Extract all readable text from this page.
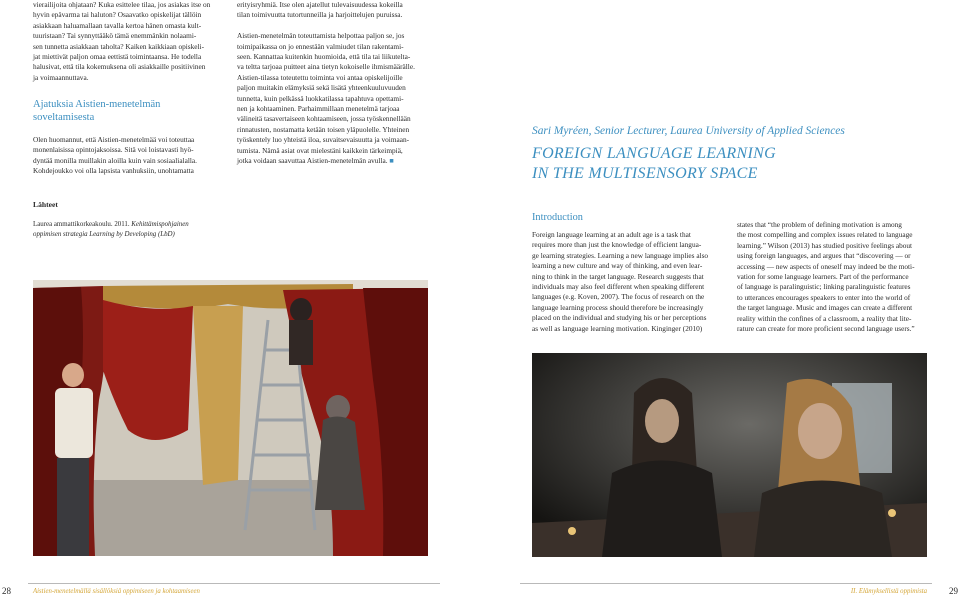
vierailijoita ohjataan? Kuka esittelee tilaa, jos asiakas itse on

hyvin epävarma tai haluton? Osaavatko opiskelijat tällöin

asiakkaan haluamallaan tavalla kertoa hänen omasta kult-

tuuristaan? Tai synnyttääkö tämä enemmänkin nolaami-

sen tunnetta asiakkaan taholta? Kaiken kaikkiaan opiskeli-

jat miettivät paljon omaa eettistä toimintaansa. He todella

halusivat, että tila kokemuksena oli asiakkaille positiivinen

ja voimaannuttava.

Ajatuksia Aistien-menetelmän
soveltamisesta

Olen huomannut, että Aistien-menetelmää voi toteuttaa

monenlaisissa opintojaksoissa. Sitä voi loistavasti hyö-

dyntää monilla muillakin aloilla kuin vain sosiaalialalla.

Kohdejoukko voi olla lapsista vanhuksiin, unohtamatta

erityisryhmiä. Itse olen ajatellut tulevaisuudessa kokeilla

tilan toimivuutta tutortunneilla ja harjoittelujen puruissa.

Aistien-menetelmän toteuttamista helpottaa paljon se, jos

toimipaikassa on jo ennestään valmiudet tilan rakentami-

seen. Kannattaa kuitenkin huomioida, että tila tai liikutelta-

va teltta tarjoaa puitteet aina tietyn kokoiselle ihmismäärälle.

Aistien-tilassa toteutettu toiminta voi antaa opiskelijoille

paljon muitakin elämyksiä sekä lisätä yhteenkuuluvuuden

tunnetta, kuin pelkässä luokkatilassa tapahtuva opettami-

nen ja kohtaaminen. Parhaimmillaan menetelmä tarjoaa

välineitä tasavertaiseen kohtaamiseen, jossa työskennellään

rinnatusten, nostamatta ketään toisen yläpuolelle. Yhteinen

työskentely luo yhteistä iloa, suvaitsevaisuutta ja voimaan-

tumista. Nämä asiat ovat mielestäni kaikkein tärkeimpiä,

jotka voidaan saavuttaa Aistien-menetelmän avulla. ■

Lähteet
Laurea ammattikorkeakoulu. 2011. Kehittämispohjainen
oppimisen strategia Learning by Developing (LbD)
Sari Myréen, Senior Lecturer, Laurea University of Applied Sciences
FOREIGN LANGUAGE LEARNING
IN THE MULTISENSORY SPACE
Introduction

Foreign language learning at an adult age is a task that

requires more than just the knowledge of efficient langua-

ge learning strategies. Learning a new language implies also

learning a new culture and way of thinking, and even lear-

ning to think in the target language. Research suggests that

individuals may also feel different when speaking different

languages (e.g. Koven, 2007). The focus of research on the

language learning process should therefore be increasingly

placed on the individual and studying his or her perceptions

as well as language learning motivation. Kinginger (2010)

states that “the problem of defining motivation is among

the most compelling and complex issues related to language

learning.” Wilson (2013) has studied positive feelings about

using foreign languages, and argues that “discovering — or

accessing — new aspects of oneself may indeed be the moti-

vation for some language learners. Part of the performance

of language is paralinguistic; linking paralinguistic features

to utterances encourages speakers to enter into the world of

the target language. Music and images can create a different

reality within the confines of a classroom, a reality that lite-

rature can create for more proficient second language users.”

28	Aistien-menetelmällä sisällöksiä oppimiseen ja kohtaamiseen	II. Elämyksellistä oppimista 29
